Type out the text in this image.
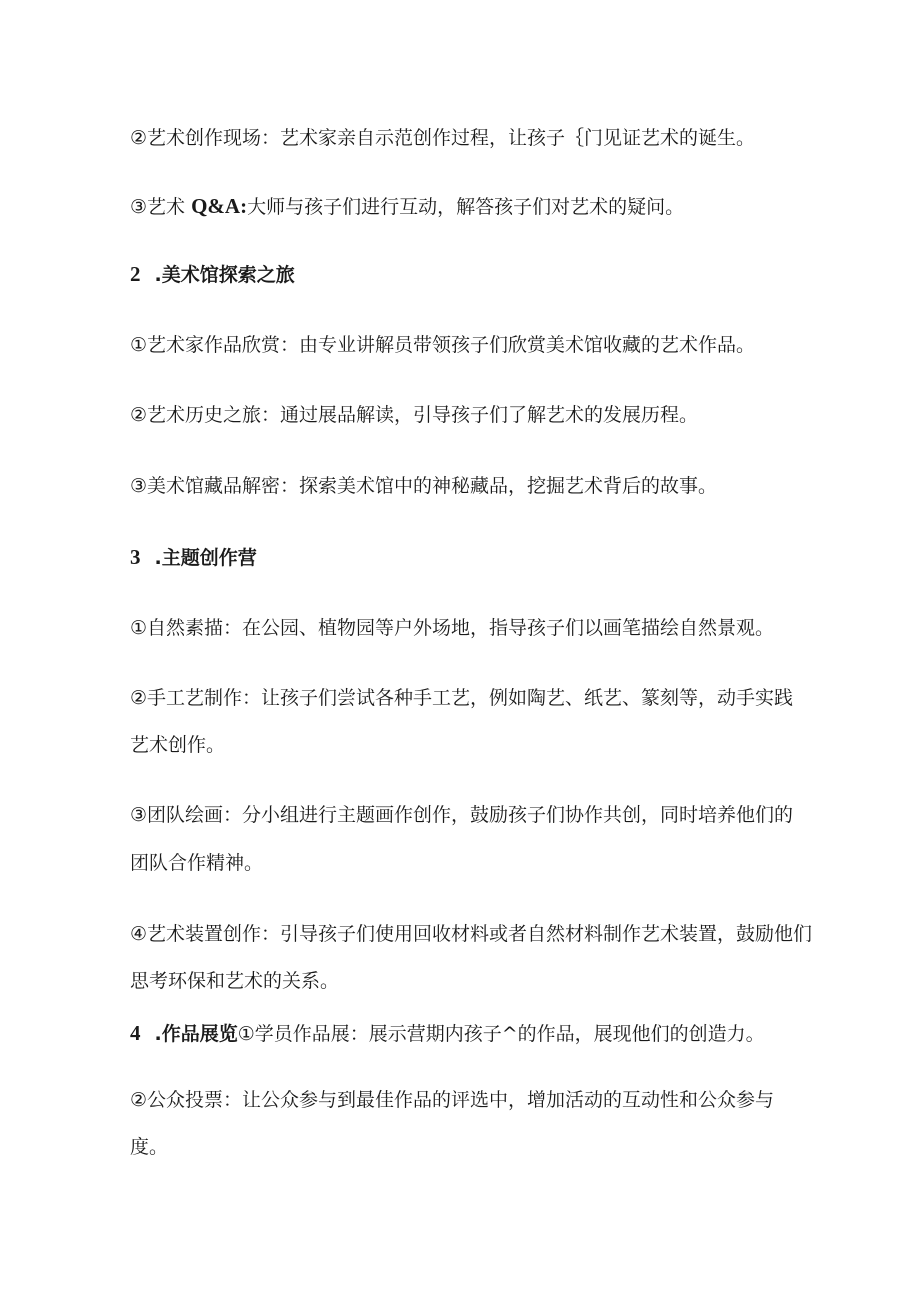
②艺术创作现场：艺术家亲自示范创作过程，让孩子｛门见证艺术的诞生。
③艺术 Q&A:大师与孩子们进行互动，解答孩子们对艺术的疑问。
2 .美术馆探索之旅
①艺术家作品欣赏：由专业讲解员带领孩子们欣赏美术馆收藏的艺术作品。
②艺术历史之旅：通过展品解读，引导孩子们了解艺术的发展历程。
③美术馆藏品解密：探索美术馆中的神秘藏品，挖掘艺术背后的故事。
3 .主题创作营
①自然素描：在公园、植物园等户外场地，指导孩子们以画笔描绘自然景观。
②手工艺制作：让孩子们尝试各种手工艺，例如陶艺、纸艺、篆刻等，动手实践
艺术创作。
③团队绘画：分小组进行主题画作创作，鼓励孩子们协作共创，同时培养他们的
团队合作精神。
④艺术装置创作：引导孩子们使用回收材料或者自然材料制作艺术装置，鼓励他们
思考环保和艺术的关系。
4 .作品展览①学员作品展：展示营期内孩子^的作品，展现他们的创造力。
②公众投票：让公众参与到最佳作品的评选中，增加活动的互动性和公众参与
度。
